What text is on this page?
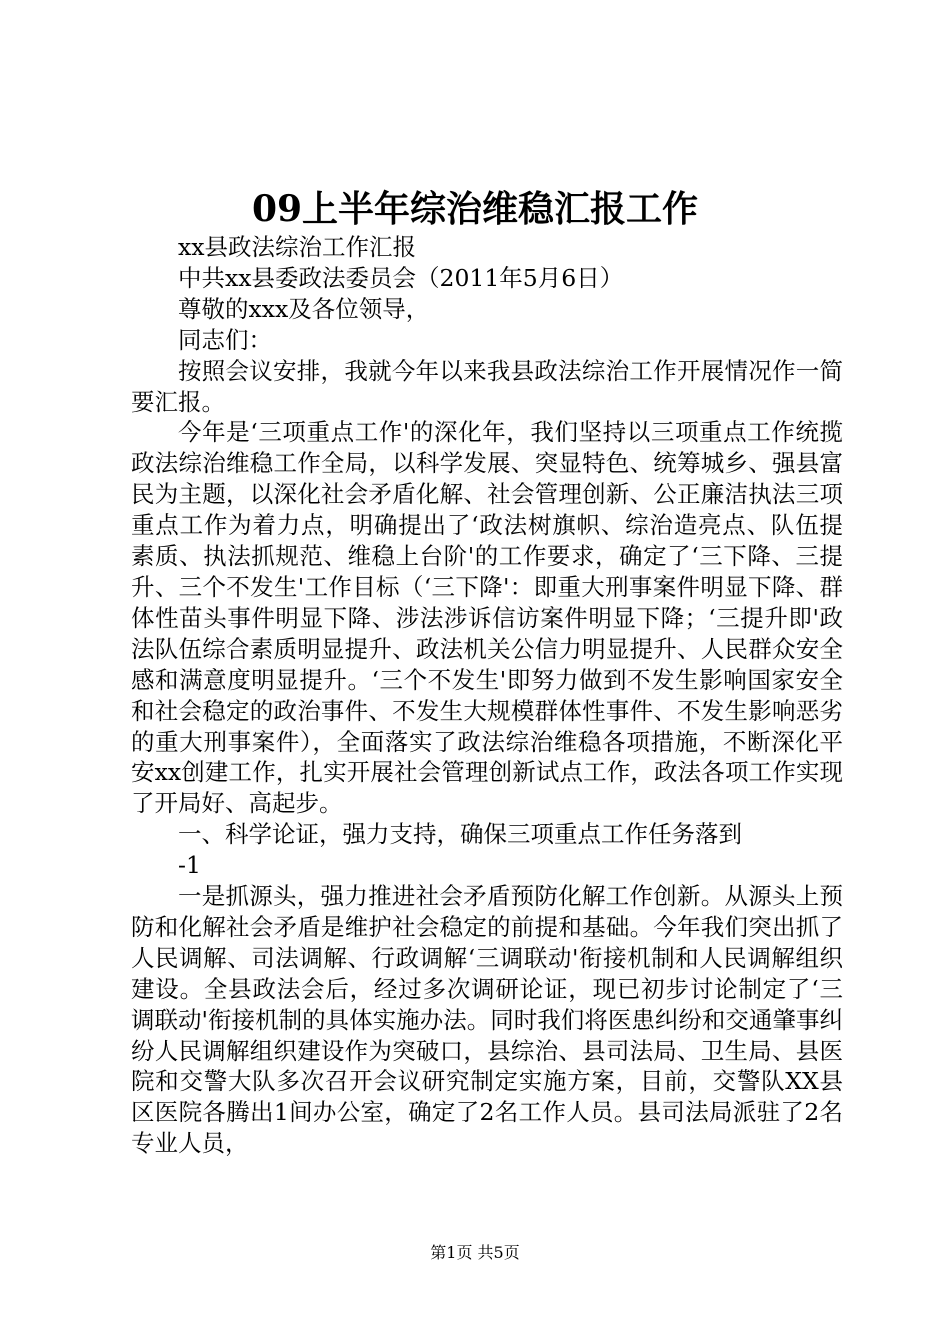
09上半年综治维稳汇报工作

xx县政法综治工作汇报

中共xx县委政法委员会（2011年5月6日）

尊敬的xxx及各位领导，

同志们：

按照会议安排，我就今年以来我县政法综治工作开展情况作一简要汇报。

今年是‘三项重点工作'的深化年，我们坚持以三项重点工作统揽政法综治维稳工作全局，以科学发展、突显特色、统筹城乡、强县富民为主题，以深化社会矛盾化解、社会管理创新、公正廉洁执法三项重点工作为着力点，明确提出了‘政法树旗帜、综治造亮点、队伍提素质、执法抓规范、维稳上台阶'的工作要求，确定了‘三下降、三提升、三个不发生'工作目标（‘三下降'：即重大刑事案件明显下降、群体性苗头事件明显下降、涉法涉诉信访案件明显下降；‘三提升即'政法队伍综合素质明显提升、政法机关公信力明显提升、人民群众安全感和满意度明显提升。‘三个不发生'即努力做到不发生影响国家安全和社会稳定的政治事件、不发生大规模群体性事件、不发生影响恶劣的重大刑事案件），全面落实了政法综治维稳各项措施，不断深化平安xx创建工作，扎实开展社会管理创新试点工作，政法各项工作实现了开局好、高起步。

一、科学论证，强力支持，确保三项重点工作任务落到

-1

一是抓源头，强力推进社会矛盾预防化解工作创新。从源头上预防和化解社会矛盾是维护社会稳定的前提和基础。今年我们突出抓了人民调解、司法调解、行政调解‘三调联动'衔接机制和人民调解组织建设。全县政法会后，经过多次调研论证，现已初步讨论制定了‘三调联动'衔接机制的具体实施办法。同时我们将医患纠纷和交通肇事纠纷人民调解组织建设作为突破口，县综治、县司法局、卫生局、县医院和交警大队多次召开会议研究制定实施方案，目前，交警队XX县区医院各腾出1间办公室，确定了2名工作人员。县司法局派驻了2名专业人员，

第1页 共5页
